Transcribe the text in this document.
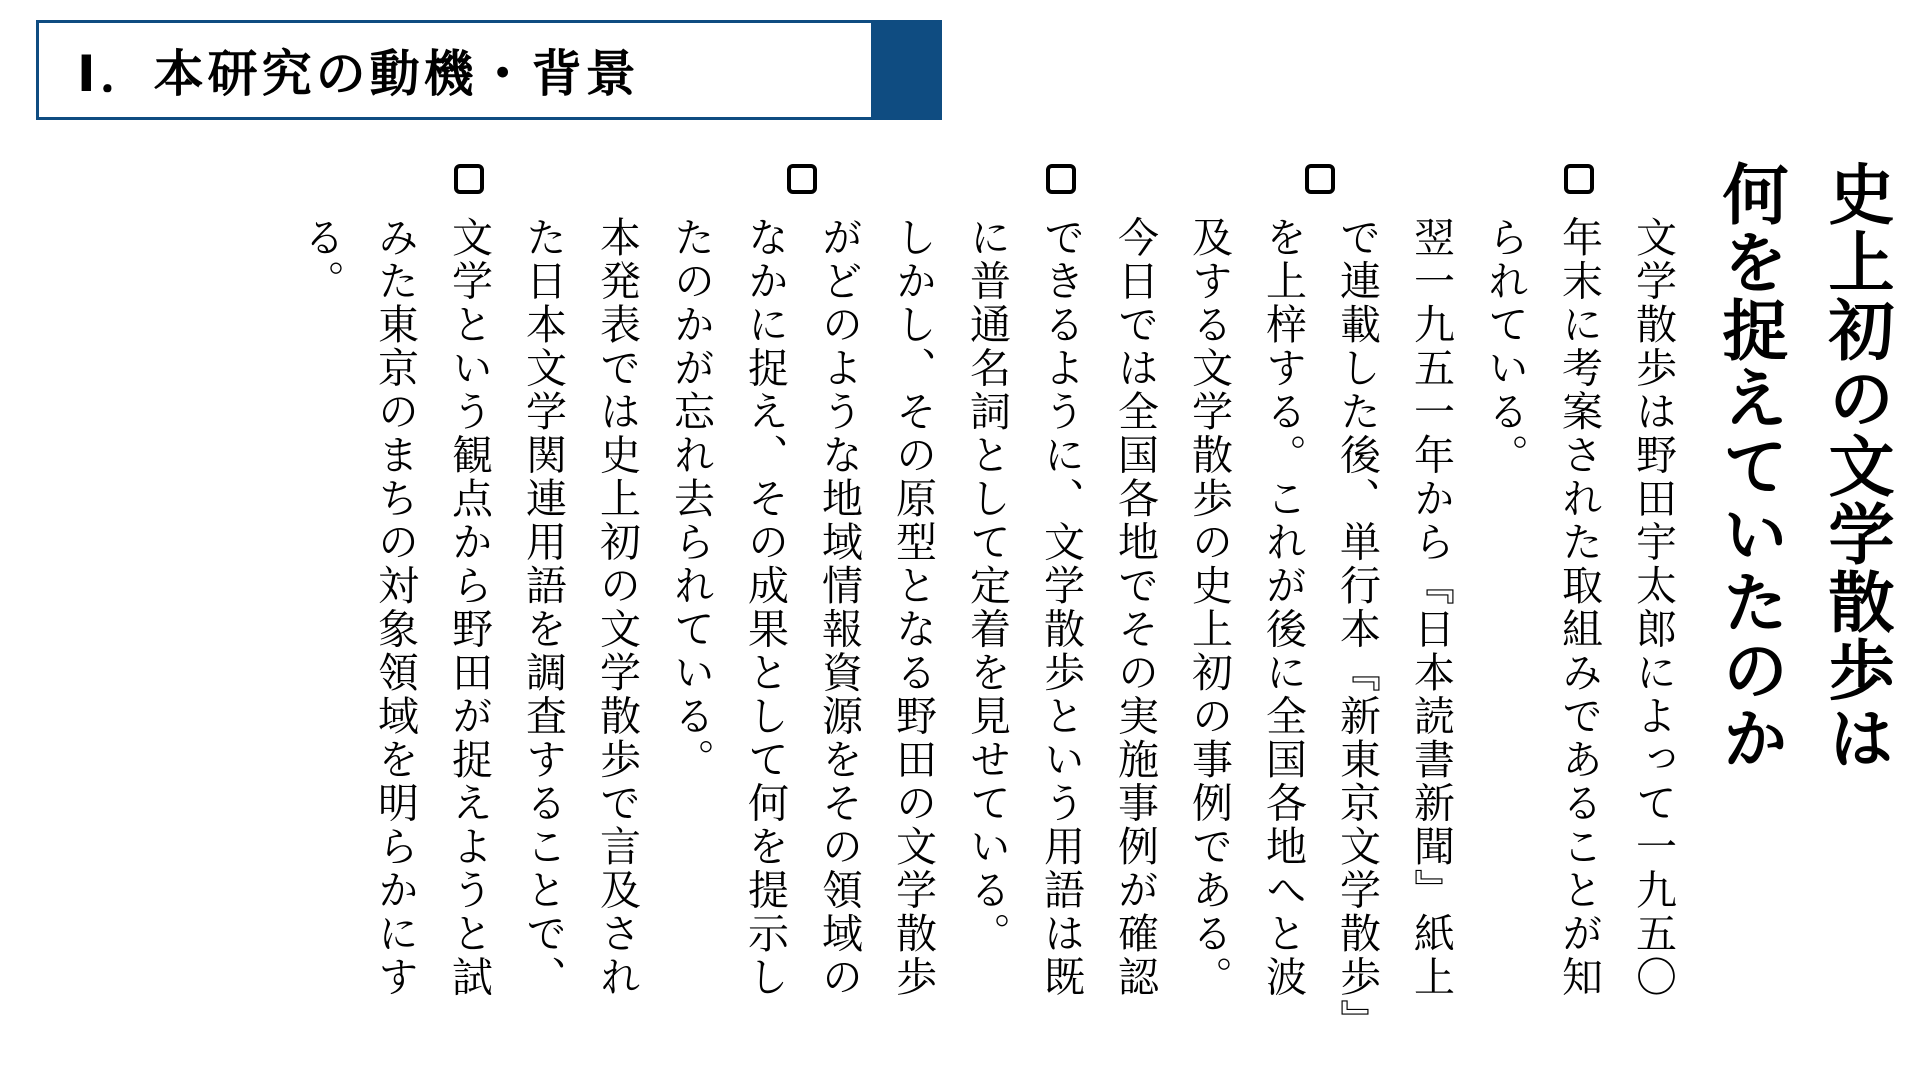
Ⅰ．本研究の動機・背景
史上初の文学散歩は
何を捉えていたのか
文学散歩は野田宇太郎によって一九五〇年末に考案された取組みであることが知られている。
翌一九五一年から『日本読書新聞』紙上で連載した後、単行本『新東京文学散歩』を上梓する。これが後に全国各地へと波及する文学散歩の史上初の事例である。
今日では全国各地でその実施事例が確認できるように、文学散歩という用語は既に普通名詞として定着を見せている。
しかし、その原型となる野田の文学散歩がどのような地域情報資源をその領域のなかに捉え、その成果として何を提示したのかが忘れ去られている。
本発表では史上初の文学散歩で言及された日本文学関連用語を調査することで、文学という観点から野田が捉えようと試みた東京のまちの対象領域を明らかにする。
